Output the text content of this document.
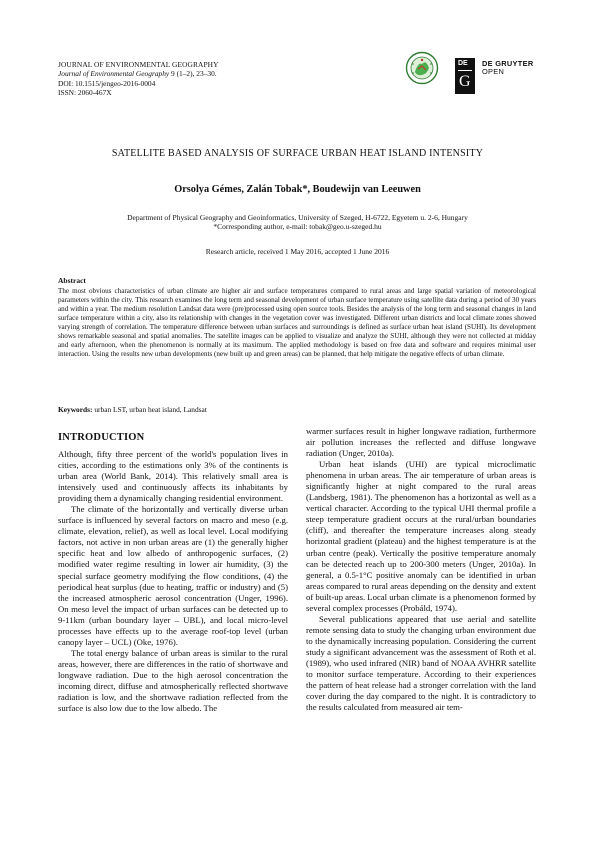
JOURNAL OF ENVIRONMENTAL GEOGRAPHY
Journal of Environmental Geography 9 (1–2), 23–30.
DOI: 10.1515/jengeo-2016-0004
ISSN: 2060-467X
DE
G
DE GRUYTER
OPEN
SATELLITE BASED ANALYSIS OF SURFACE URBAN HEAT ISLAND INTENSITY
Orsolya Gémes, Zalán Tobak*, Boudewijn van Leeuwen
Department of Physical Geography and Geoinformatics, University of Szeged, H-6722, Egyetem u. 2-6, Hungary
*Corresponding author, e-mail: tobak@geo.u-szeged.hu
Research article, received 1 May 2016, accepted 1 June 2016
Abstract
The most obvious characteristics of urban climate are higher air and surface temperatures compared to rural areas and large spatial variation of meteorological parameters within the city. This research examines the long term and seasonal development of urban surface temperature using satellite data during a period of 30 years and within a year. The medium resolution Landsat data were (pre)processed using open source tools. Besides the analysis of the long term and seasonal changes in land surface temperature within a city, also its relationship with changes in the vegetation cover was investigated. Different urban districts and local climate zones showed varying strength of correlation. The temperature difference between urban surfaces and surroundings is defined as surface urban heat island (SUHI). Its development shows remarkable seasonal and spatial anomalies. The satellite images can be applied to visualize and analyze the SUHI, although they were not collected at midday and early afternoon, when the phenomenon is normally at its maximum. The applied methodology is based on free data and software and requires minimal user interaction. Using the results new urban developments (new built up and green areas) can be planned, that help mitigate the negative effects of urban climate.
Keywords: urban LST, urban heat island, Landsat
INTRODUCTION

Although, fifty three percent of the world's population lives in cities, according to the estimations only 3% of the continents is urban area (World Bank, 2014). This relatively small area is intensively used and continuously affects its inhabitants by providing them a dynamically changing residential environment.

The climate of the horizontally and vertically diverse urban surface is influenced by several factors on macro and meso (e.g. climate, elevation, relief), as well as local level. Local modifying factors, not active in non urban areas are (1) the generally higher specific heat and low albedo of anthropogenic surfaces, (2) modified water regime resulting in lower air humidity, (3) the special surface geometry modifying the flow conditions, (4) the periodical heat surplus (due to heating, traffic or industry) and (5) the increased atmospheric aerosol concentration (Unger, 1996). On meso level the impact of urban surfaces can be detected up to 9-11km (urban boundary layer – UBL), and local micro-level processes have effects up to the average roof-top level (urban canopy layer – UCL) (Oke, 1976).

The total energy balance of urban areas is similar to the rural areas, however, there are differences in the ratio of shortwave and longwave radiation. Due to the high aerosol concentration the incoming direct, diffuse and atmospherically reflected shortwave radiation is low, and the shortwave radiation reflected from the surface is also low due to the low albedo. The

warmer surfaces result in higher longwave radiation, furthermore air pollution increases the reflected and diffuse longwave radiation (Unger, 2010a).

Urban heat islands (UHI) are typical microclimatic phenomena in urban areas. The air temperature of urban areas is significantly higher at night compared to the rural areas (Landsberg, 1981). The phenomenon has a horizontal as well as a vertical character. According to the typical UHI thermal profile a steep temperature gradient occurs at the rural/urban boundaries (cliff), and thereafter the temperature increases along steady horizontal gradient (plateau) and the highest temperature is at the urban centre (peak). Vertically the positive temperature anomaly can be detected reach up to 200-300 meters (Unger, 2010a). In general, a 0.5-1°C positive anomaly can be identified in urban areas compared to rural areas depending on the density and extent of built-up areas. Local urban climate is a phenomenon formed by several complex processes (Probáld, 1974).

Several publications appeared that use aerial and satellite remote sensing data to study the changing urban environment due to the dynamically increasing population. Considering the current study a significant advancement was the assessment of Roth et al. (1989), who used infrared (NIR) band of NOAA AVHRR satellite to monitor surface temperature. According to their experiences the pattern of heat release had a stronger correlation with the land cover during the day compared to the night. It is contradictory to the results calculated from measured air tem-
